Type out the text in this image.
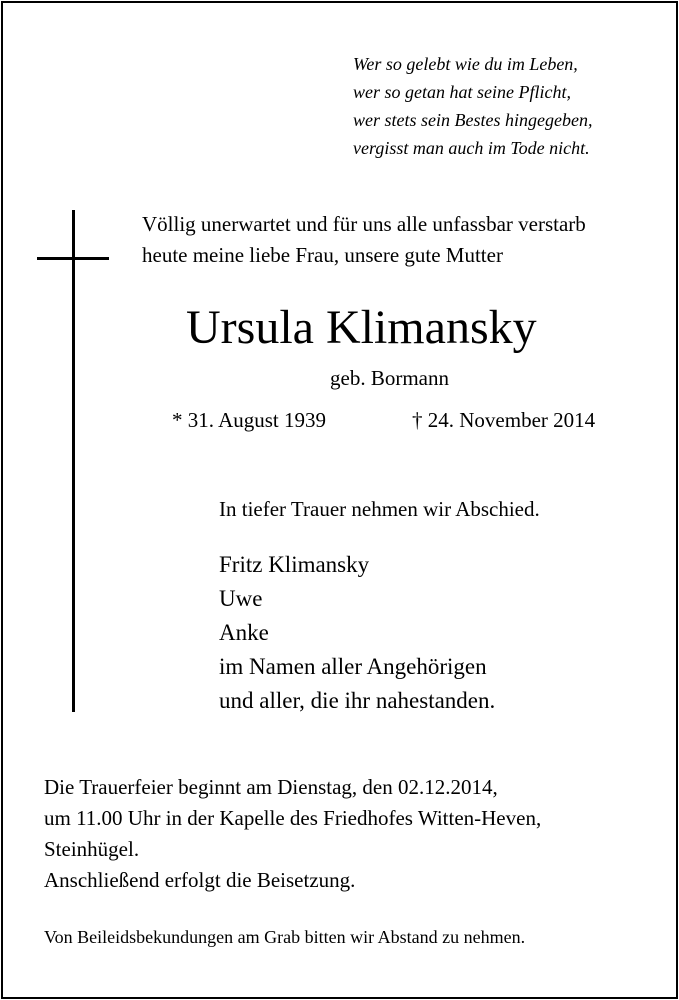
Wer so gelebt wie du im Leben,
wer so getan hat seine Pflicht,
wer stets sein Bestes hingegeben,
vergisst man auch im Tode nicht.
Völlig unerwartet und für uns alle unfassbar verstarb
heute meine liebe Frau, unsere gute Mutter
Ursula Klimansky
geb. Bormann
* 31. August 1939	† 24. November 2014
In tiefer Trauer nehmen wir Abschied.
Fritz Klimansky
Uwe
Anke
im Namen aller Angehörigen
und aller, die ihr nahestanden.
Die Trauerfeier beginnt am Dienstag, den 02.12.2014,
um 11.00 Uhr in der Kapelle des Friedhofes Witten-Heven,
Steinhügel.
Anschließend erfolgt die Beisetzung.
Von Beileidsbekundungen am Grab bitten wir Abstand zu nehmen.
